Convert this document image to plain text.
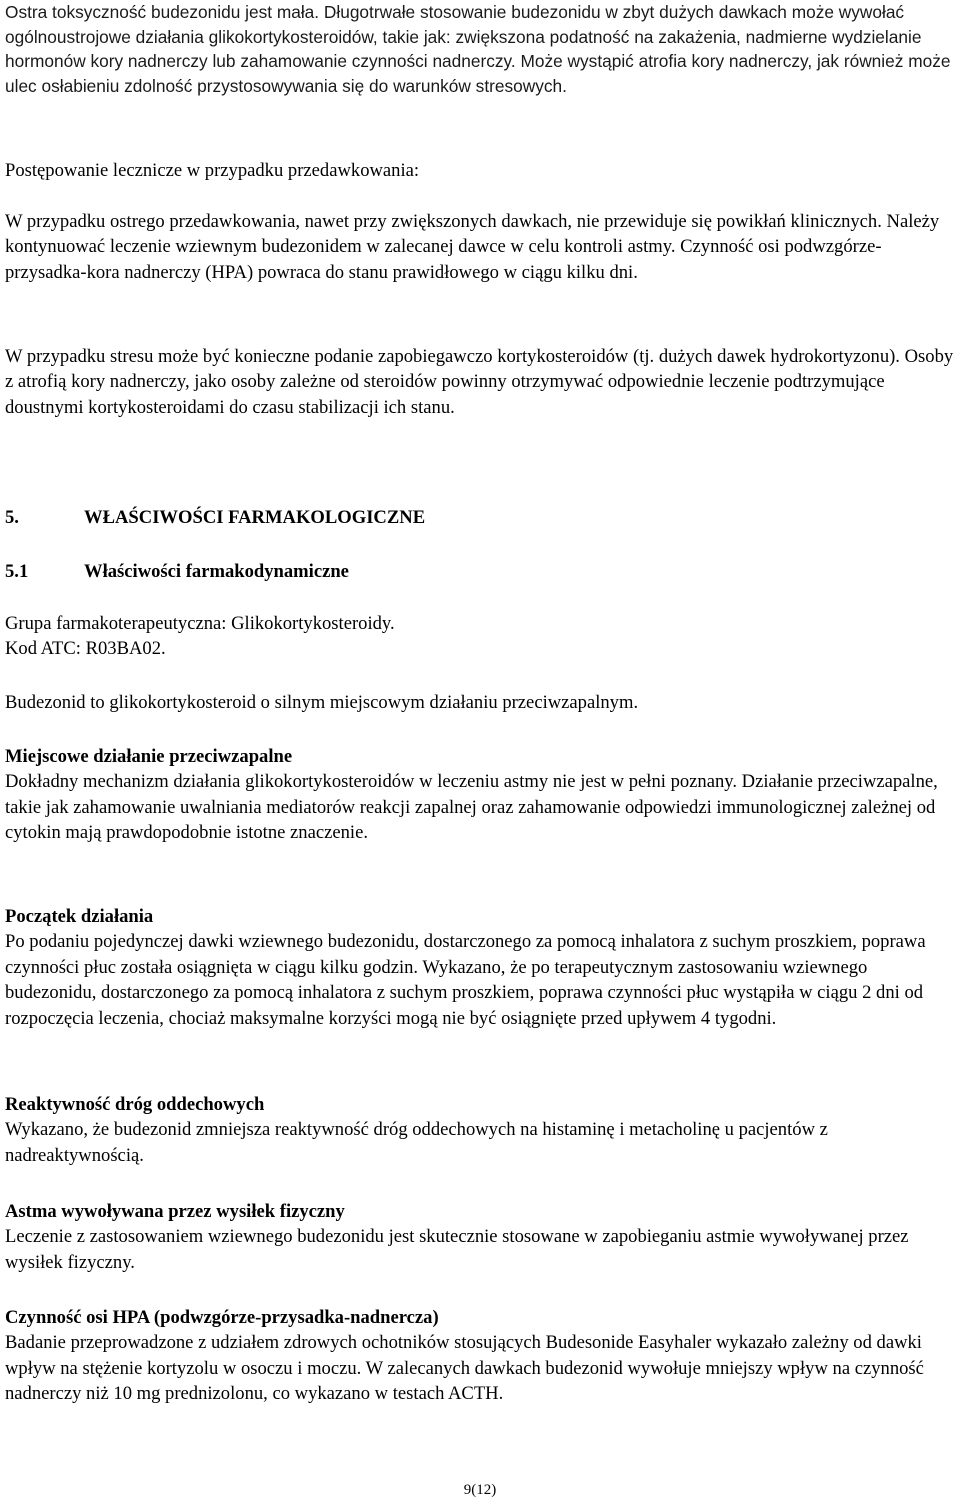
Ostra toksyczność budezonidu jest mała. Długotrwałe stosowanie budezonidu w zbyt dużych dawkach może wywołać ogólnoustrojowe działania glikokortykosteroidów, takie jak: zwiększona podatność na zakażenia, nadmierne wydzielanie hormonów kory nadnerczy lub zahamowanie czynności nadnerczy. Może wystąpić atrofia kory nadnerczy, jak również może ulec osłabieniu zdolność przystosowywania się do warunków stresowych.

Postępowanie lecznicze w przypadku przedawkowania:

W przypadku ostrego przedawkowania, nawet przy zwiększonych dawkach, nie przewiduje się powikłań klinicznych. Należy kontynuować leczenie wziewnym budezonidem w zalecanej dawce w celu kontroli astmy. Czynność osi podwzgórze-przysadka-kora nadnerczy (HPA) powraca do stanu prawidłowego w ciągu kilku dni.

W przypadku stresu może być konieczne podanie zapobiegawczo kortykosteroidów (tj. dużych dawek hydrokortyzonu). Osoby z atrofią kory nadnerczy, jako osoby zależne od steroidów powinny otrzymywać odpowiednie leczenie podtrzymujące doustnymi kortykosteroidami do czasu stabilizacji ich stanu.

5.	WŁAŚCIWOŚCI FARMAKOLOGICZNE
5.1	Właściwości farmakodynamiczne

Grupa farmakoterapeutyczna: Glikokortykosteroidy.

Kod ATC: R03BA02.

Budezonid to glikokortykosteroid o silnym miejscowym działaniu przeciwzapalnym.

Miejscowe działanie przeciwzapalne

Dokładny mechanizm działania glikokortykosteroidów w leczeniu astmy nie jest w pełni poznany. Działanie przeciwzapalne, takie jak zahamowanie uwalniania mediatorów reakcji zapalnej oraz zahamowanie odpowiedzi immunologicznej zależnej od cytokin mają prawdopodobnie istotne znaczenie.

Początek działania

Po podaniu pojedynczej dawki wziewnego budezonidu, dostarczonego za pomocą inhalatora z suchym proszkiem, poprawa czynności płuc została osiągnięta w ciągu kilku godzin. Wykazano, że po terapeutycznym zastosowaniu wziewnego budezonidu, dostarczonego za pomocą inhalatora z suchym proszkiem, poprawa czynności płuc wystąpiła w ciągu 2 dni od rozpoczęcia leczenia, chociaż maksymalne korzyści mogą nie być osiągnięte przed upływem 4 tygodni.

Reaktywność dróg oddechowych

Wykazano, że budezonid zmniejsza reaktywność dróg oddechowych na histaminę i metacholinę u pacjentów z nadreaktywnością.

Astma wywoływana przez wysiłek fizyczny

Leczenie z zastosowaniem wziewnego budezonidu jest skutecznie stosowane w zapobieganiu astmie wywoływanej przez wysiłek fizyczny.

Czynność osi HPA (podwzgórze-przysadka-nadnercza)

Badanie przeprowadzone z udziałem zdrowych ochotników stosujących Budesonide Easyhaler wykazało zależny od dawki wpływ na stężenie kortyzolu w osoczu i moczu. W zalecanych dawkach budezonid wywołuje mniejszy wpływ na czynność nadnerczy niż 10 mg prednizolonu, co wykazano w testach ACTH.

9(12)
